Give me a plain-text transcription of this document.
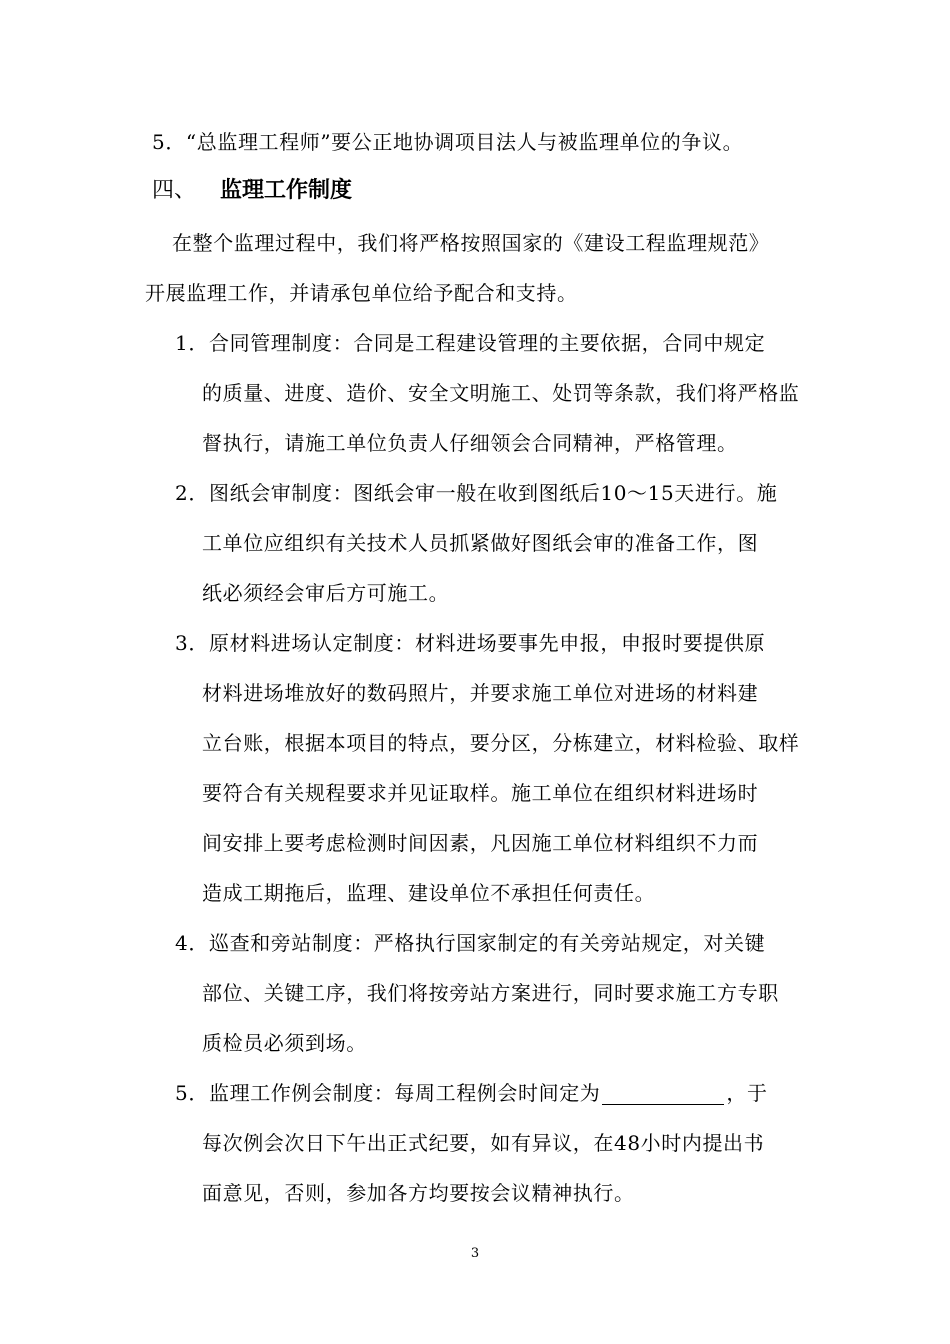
5．“总监理工程师”要公正地协调项目法人与被监理单位的争议。
四、 监理工作制度
在整个监理过程中，我们将严格按照国家的《建设工程监理规范》
开展监理工作，并请承包单位给予配合和支持。
1．合同管理制度：合同是工程建设管理的主要依据，合同中规定
的质量、进度、造价、安全文明施工、处罚等条款，我们将严格监
督执行，请施工单位负责人仔细领会合同精神，严格管理。
2．图纸会审制度：图纸会审一般在收到图纸后10～15天进行。施
工单位应组织有关技术人员抓紧做好图纸会审的准备工作，图
纸必须经会审后方可施工。
3．原材料进场认定制度：材料进场要事先申报，申报时要提供原
材料进场堆放好的数码照片，并要求施工单位对进场的材料建
立台账，根据本项目的特点，要分区，分栋建立，材料检验、取样
要符合有关规程要求并见证取样。施工单位在组织材料进场时
间安排上要考虑检测时间因素，凡因施工单位材料组织不力而
造成工期拖后，监理、建设单位不承担任何责任。
4．巡查和旁站制度：严格执行国家制定的有关旁站规定，对关键
部位、关键工序，我们将按旁站方案进行，同时要求施工方专职
质检员必须到场。
5．监理工作例会制度：每周工程例会时间定为	，于
每次例会次日下午出正式纪要，如有异议，在48小时内提出书
面意见，否则，参加各方均要按会议精神执行。
3
